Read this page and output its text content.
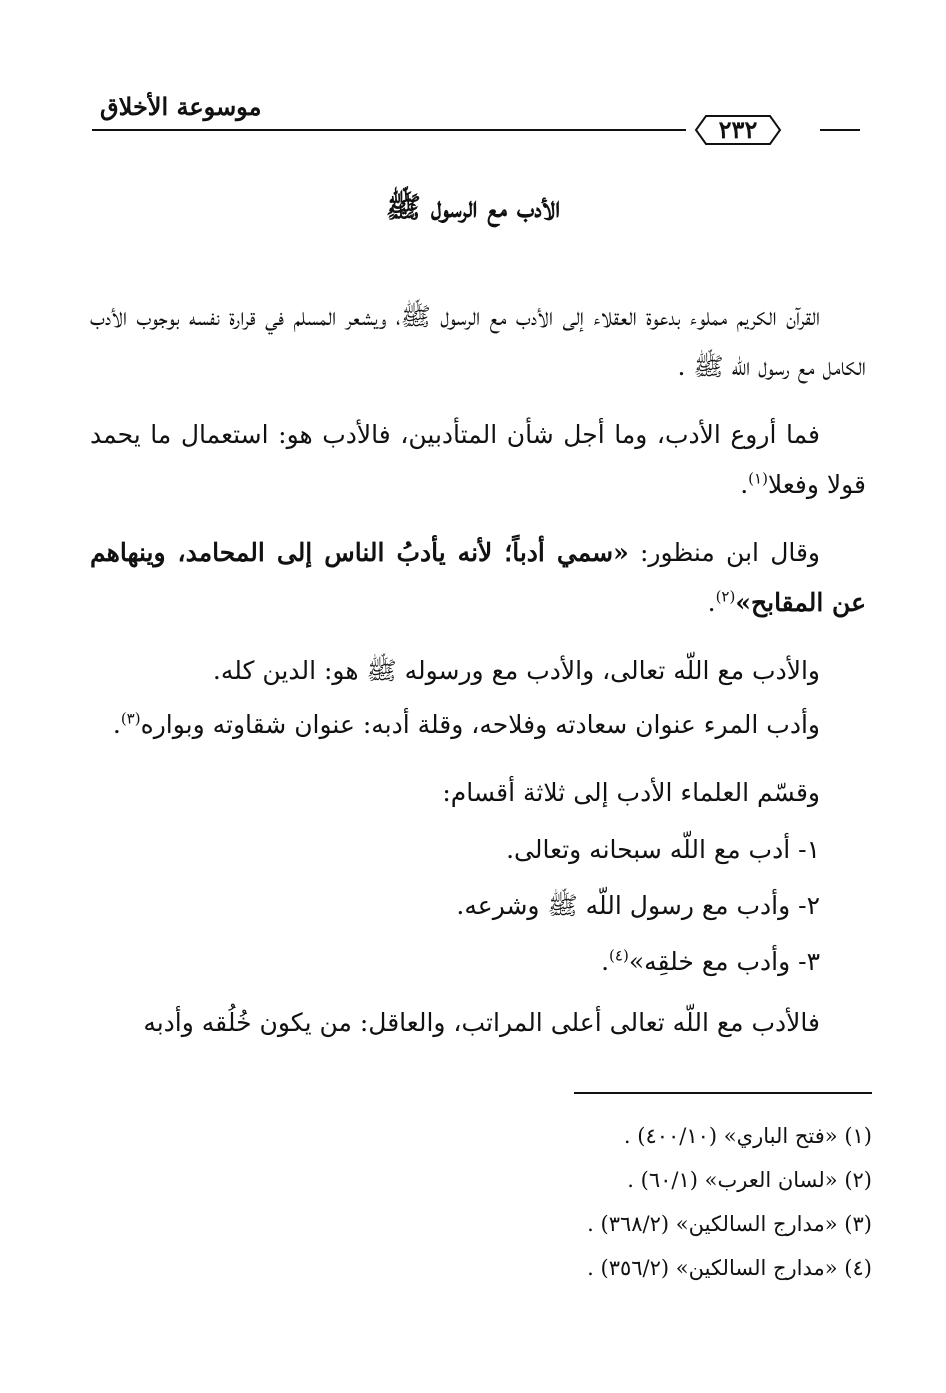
موسوعة الأخلاق
٢٣٢
الأدب مع الرسول ﷺ

القرآن الكريم مملوء بدعوة العقلاء إلى الأدب مع الرسول ﷺ، ويشعر المسلم في قرارة نفسه بوجوب الأدب الكامل مع رسول الله ﷺ .

فما أروع الأدب، وما أجل شأن المتأدبين، فالأدب هو: استعمال ما يحمد قولا وفعلا$^{(١)}$.

وقال ابن منظور: «سمي أدباً؛ لأنه يأدبُ الناس إلى المحامد، وينهاهم عن المقابح»$^{(٢)}$.

والأدب مع اللّه تعالى، والأدب مع ورسوله ﷺ هو: الدين كله.

وأدب المرء عنوان سعادته وفلاحه، وقلة أدبه: عنوان شقاوته وبواره$^{(٣)}$.

وقسّم العلماء الأدب إلى ثلاثة أقسام:

١- أدب مع اللّه سبحانه وتعالى.

٢- وأدب مع رسول اللّه ﷺ وشرعه.

٣- وأدب مع خلقِه»$^{(٤)}$.

فالأدب مع اللّه تعالى أعلى المراتب، والعاقل: من يكون خُلُقه وأدبه

(١) «فتح الباري» (٤٠٠/١٠) .
(٢) «لسان العرب» (٦٠/١) .
(٣) «مدارج السالكين» (٣٦٨/٢) .
(٤) «مدارج السالكين» (٣٥٦/٢) .
